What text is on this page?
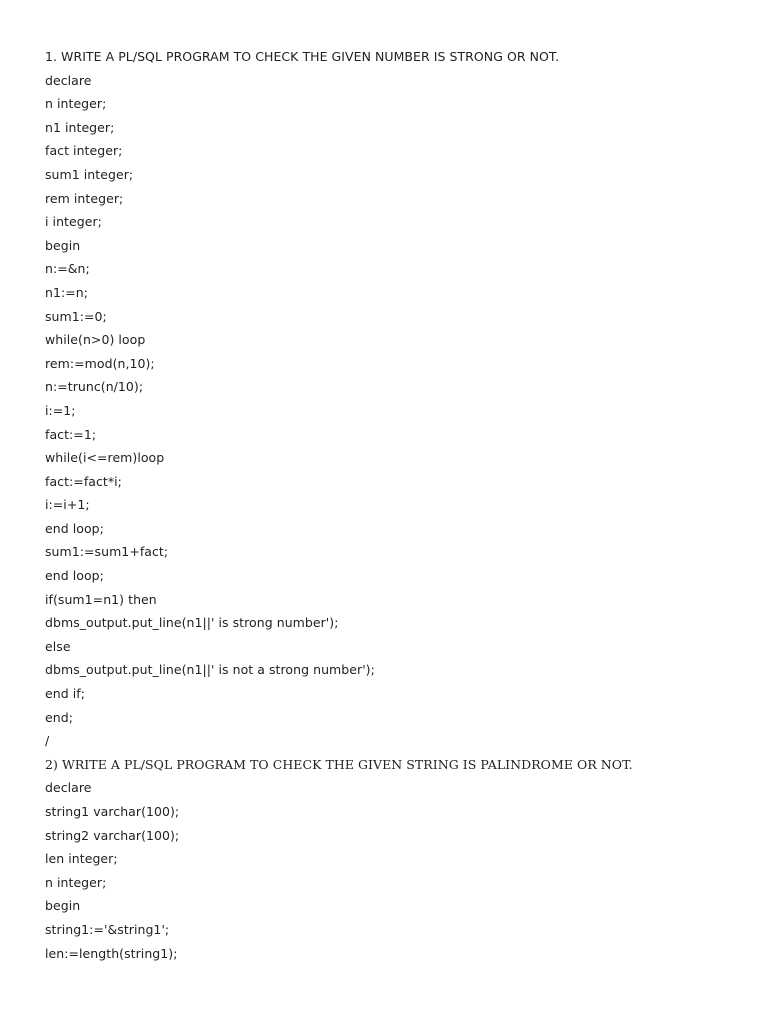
1. WRITE A PL/SQL PROGRAM TO CHECK THE GIVEN NUMBER IS STRONG OR NOT.
declare
n integer;
n1 integer;
fact integer;
sum1 integer;
rem integer;
i integer;
begin
n:=&n;
n1:=n;
sum1:=0;
while(n>0) loop
rem:=mod(n,10);
n:=trunc(n/10);
i:=1;
fact:=1;
while(i<=rem)loop
fact:=fact*i;
i:=i+1;
end loop;
sum1:=sum1+fact;
end loop;
if(sum1=n1) then
dbms_output.put_line(n1||' is strong number');
else
dbms_output.put_line(n1||' is not a strong number');
end if;
end;
/
2) WRITE A PL/SQL PROGRAM TO CHECK THE GIVEN STRING IS PALINDROME OR NOT.
declare
string1 varchar(100);
string2 varchar(100);
len integer;
n integer;
begin
string1:='&string1';
len:=length(string1);
